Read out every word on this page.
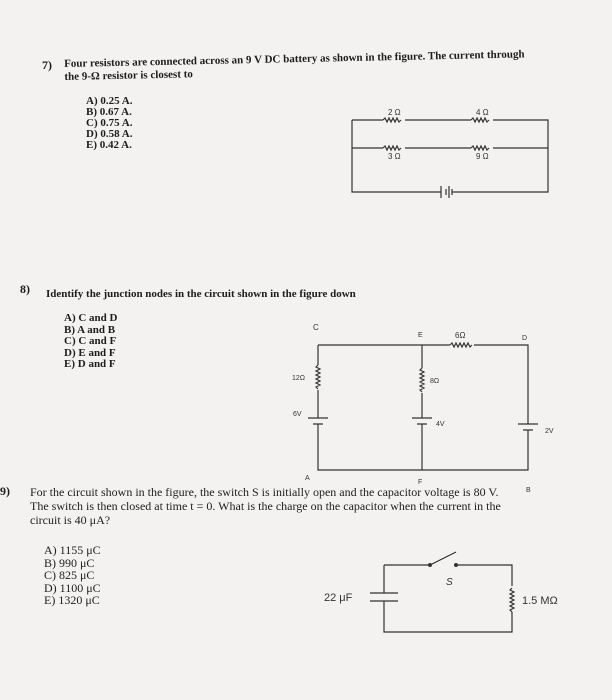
7) Four resistors are connected across an 9 V DC battery as shown in the figure. The current through
the 9-Ω resistor is closest to
A) 0.25 A.
B) 0.67 A.
C) 0.75 A.
D) 0.58 A.
E) 0.42 A.
8) Identify the junction nodes in the circuit shown in the figure down
A) C and D
B) A and B
C) C and F
D) E and F
E) D and F
9) For the circuit shown in the figure, the switch S is initially open and the capacitor voltage is 80 V.
The switch is then closed at time t = 0. What is the charge on the capacitor when the current in the
circuit is 40 μA?
A) 1155 μC
B) 990 μC
C) 825 μC
D) 1100 μC
E) 1320 μC
2 Ω	4 Ω
3 Ω	9 Ω
C
E	D
A
F
B
6Ω
12Ω	8Ω
6V
4V
2V
22 μF
S
1.5 MΩ
